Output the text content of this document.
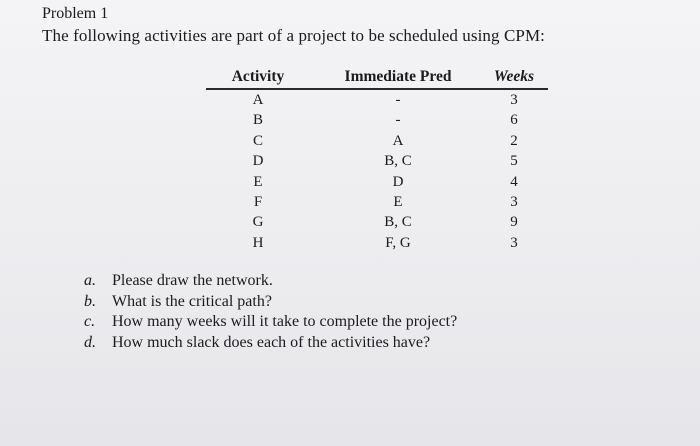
Problem 1
The following activities are part of a project to be scheduled using CPM:
Activity	Immediate Pred	Weeks
A	-	3
B	-	6
C	A	2
D	B, C	5
E	D	4
F	E	3
G	B, C	9
H	F, G	3
a. Please draw the network.
b. What is the critical path?
c. How many weeks will it take to complete the project?
d. How much slack does each of the activities have?
